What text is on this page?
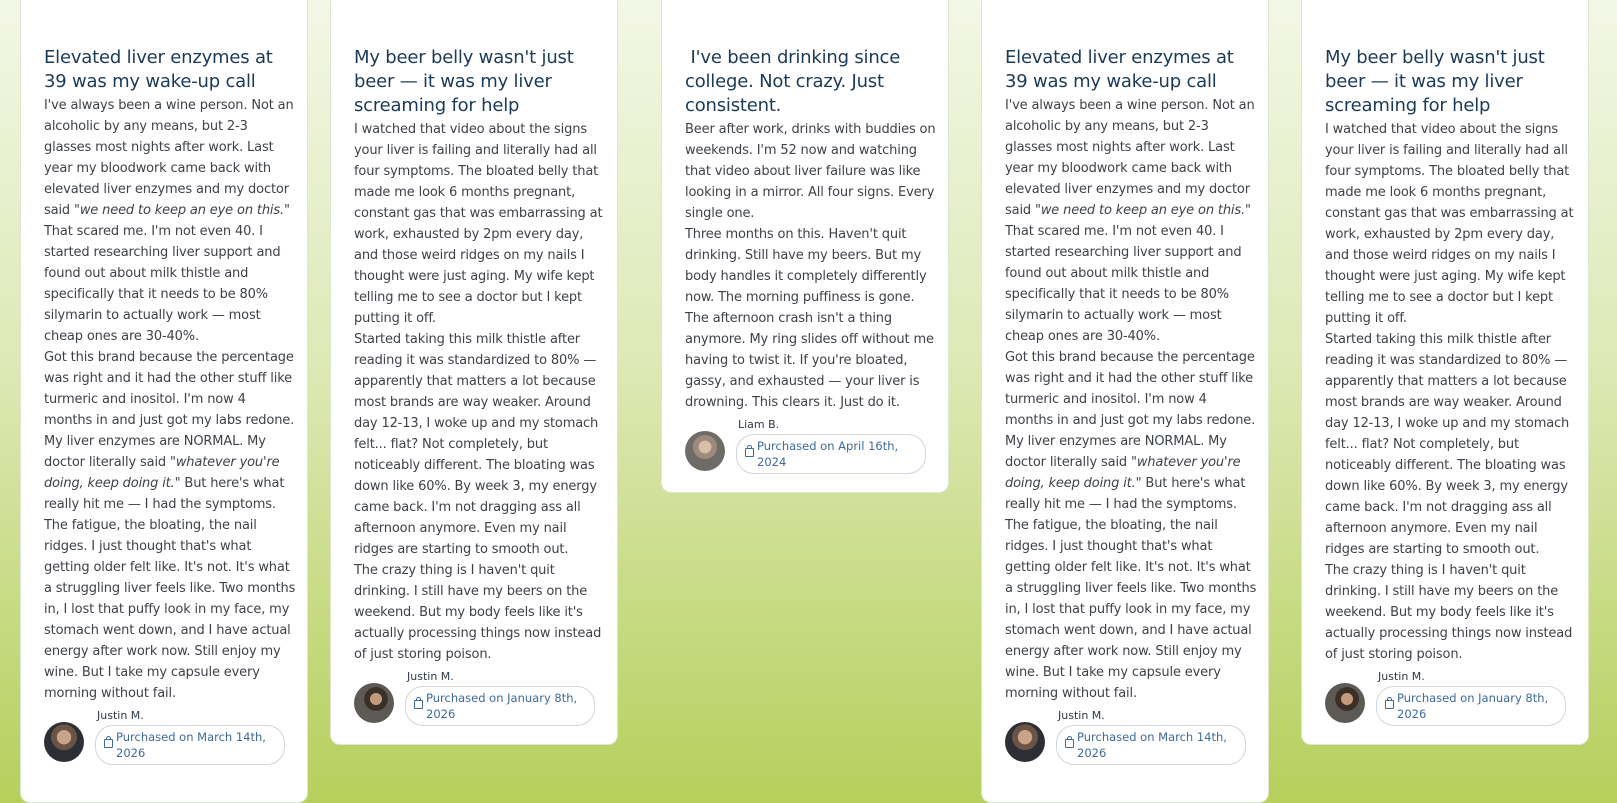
Elevated liver enzymes at 39 was my wake-up call

I've always been a wine person. Not an alcoholic by any means, but 2-3 glasses most nights after work. Last year my bloodwork came back with elevated liver enzymes and my doctor said "we need to keep an eye on this." That scared me. I'm not even 40. I started researching liver support and found out about milk thistle and specifically that it needs to be 80% silymarin to actually work — most cheap ones are 30-40%.

Got this brand because the percentage was right and it had the other stuff like turmeric and inositol. I'm now 4 months in and just got my labs redone. My liver enzymes are NORMAL. My doctor literally said "whatever you're doing, keep doing it." But here's what really hit me — I had the symptoms. The fatigue, the bloating, the nail ridges. I just thought that's what getting older felt like. It's not. It's what a struggling liver feels like. Two months in, I lost that puffy look in my face, my stomach went down, and I have actual energy after work now. Still enjoy my wine. But I take my capsule every morning without fail.

Justin M.
Purchased on March 14th, 2026
My beer belly wasn't just beer — it was my liver screaming for help

I watched that video about the signs your liver is failing and literally had all four symptoms. The bloated belly that made me look 6 months pregnant, constant gas that was embarrassing at work, exhausted by 2pm every day, and those weird ridges on my nails I thought were just aging. My wife kept telling me to see a doctor but I kept putting it off.

Started taking this milk thistle after reading it was standardized to 80% — apparently that matters a lot because most brands are way weaker. Around day 12-13, I woke up and my stomach felt... flat? Not completely, but noticeably different. The bloating was down like 60%. By week 3, my energy came back. I'm not dragging ass all afternoon anymore. Even my nail ridges are starting to smooth out.

The crazy thing is I haven't quit drinking. I still have my beers on the weekend. But my body feels like it's actually processing things now instead of just storing poison.

Justin M.
Purchased on January 8th, 2026
I've been drinking since college. Not crazy. Just consistent.

Beer after work, drinks with buddies on weekends. I'm 52 now and watching that video about liver failure was like looking in a mirror. All four signs. Every single one.

Three months on this. Haven't quit drinking. Still have my beers. But my body handles it completely differently now. The morning puffiness is gone. The afternoon crash isn't a thing anymore. My ring slides off without me having to twist it. If you're bloated, gassy, and exhausted — your liver is drowning. This clears it. Just do it.

Liam B.
Purchased on April 16th, 2024
Elevated liver enzymes at 39 was my wake-up call

I've always been a wine person. Not an alcoholic by any means, but 2-3 glasses most nights after work. Last year my bloodwork came back with elevated liver enzymes and my doctor said "we need to keep an eye on this." That scared me. I'm not even 40. I started researching liver support and found out about milk thistle and specifically that it needs to be 80% silymarin to actually work — most cheap ones are 30-40%.

Got this brand because the percentage was right and it had the other stuff like turmeric and inositol. I'm now 4 months in and just got my labs redone. My liver enzymes are NORMAL. My doctor literally said "whatever you're doing, keep doing it." But here's what really hit me — I had the symptoms. The fatigue, the bloating, the nail ridges. I just thought that's what getting older felt like. It's not. It's what a struggling liver feels like. Two months in, I lost that puffy look in my face, my stomach went down, and I have actual energy after work now. Still enjoy my wine. But I take my capsule every morning without fail.

Justin M.
Purchased on March 14th, 2026
My beer belly wasn't just beer — it was my liver screaming for help

I watched that video about the signs your liver is failing and literally had all four symptoms. The bloated belly that made me look 6 months pregnant, constant gas that was embarrassing at work, exhausted by 2pm every day, and those weird ridges on my nails I thought were just aging. My wife kept telling me to see a doctor but I kept putting it off.

Started taking this milk thistle after reading it was standardized to 80% — apparently that matters a lot because most brands are way weaker. Around day 12-13, I woke up and my stomach felt... flat? Not completely, but noticeably different. The bloating was down like 60%. By week 3, my energy came back. I'm not dragging ass all afternoon anymore. Even my nail ridges are starting to smooth out.

The crazy thing is I haven't quit drinking. I still have my beers on the weekend. But my body feels like it's actually processing things now instead of just storing poison.

Justin M.
Purchased on January 8th, 2026
